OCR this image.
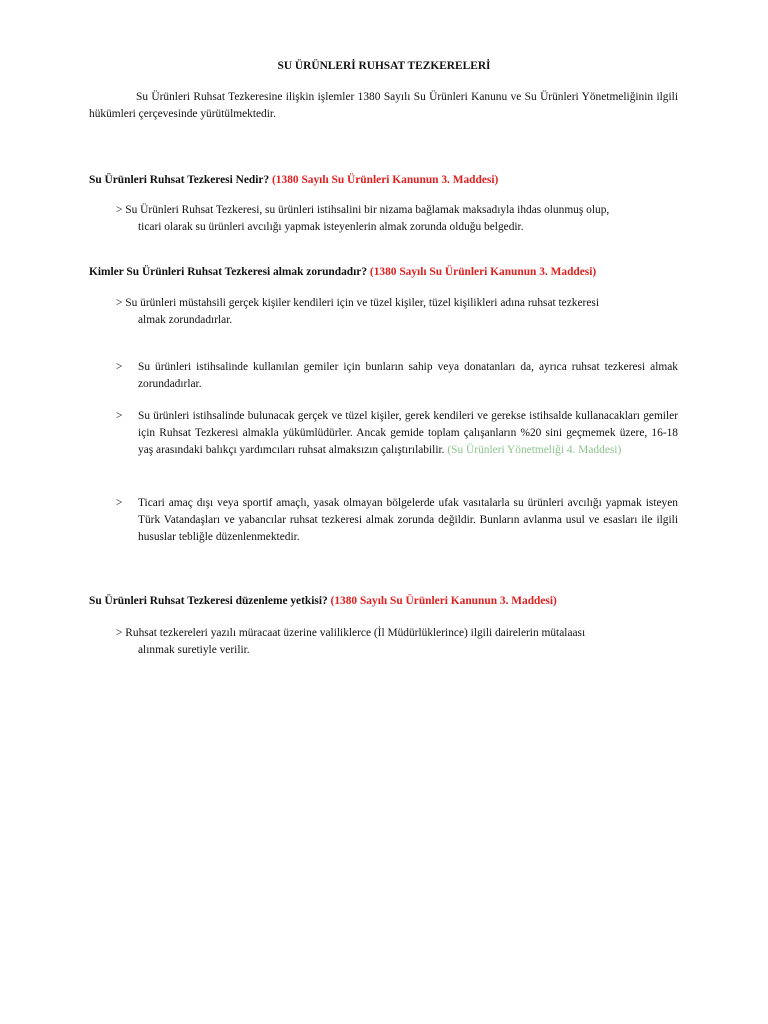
SU ÜRÜNLERİ RUHSAT TEZKERELERİ
Su Ürünleri Ruhsat Tezkeresine ilişkin işlemler 1380 Sayılı Su Ürünleri Kanunu ve Su Ürünleri Yönetmeliğinin ilgili hükümleri çerçevesinde yürütülmektedir.
Su Ürünleri Ruhsat Tezkeresi Nedir? (1380 Sayılı Su Ürünleri Kanunun 3. Maddesi)
> Su Ürünleri Ruhsat Tezkeresi, su ürünleri istihsalini bir nizama bağlamak maksadıyla ihdas olunmuş olup,
ticari olarak su ürünleri avcılığı yapmak isteyenlerin almak zorunda olduğu belgedir.
Kimler Su Ürünleri Ruhsat Tezkeresi almak zorundadır? (1380 Sayılı Su Ürünleri Kanunun 3. Maddesi)
> Su ürünleri müstahsili gerçek kişiler kendileri için ve tüzel kişiler, tüzel kişilikleri adına ruhsat tezkeresi
almak zorundadırlar.
> Su ürünleri istihsalinde kullanılan gemiler için bunların sahip veya donatanları da, ayrıca ruhsat tezkeresi almak zorundadırlar.
> Su ürünleri istihsalinde bulunacak gerçek ve tüzel kişiler, gerek kendileri ve gerekse istihsalde kullanacakları gemiler için Ruhsat Tezkeresi almakla yükümlüdürler. Ancak gemide toplam çalışanların %20 sini geçmemek üzere, 16-18 yaş arasındaki balıkçı yardımcıları ruhsat almaksızın çalıştırılabilir. (Su Ürünleri Yönetmeliği 4. Maddesi)
> Ticari amaç dışı veya sportif amaçlı, yasak olmayan bölgelerde ufak vasıtalarla su ürünleri avcılığı yapmak isteyen Türk Vatandaşları ve yabancılar ruhsat tezkeresi almak zorunda değildir. Bunların avlanma usul ve esasları ile ilgili hususlar tebliğle düzenlenmektedir.
Su Ürünleri Ruhsat Tezkeresi düzenleme yetkisi? (1380 Sayılı Su Ürünleri Kanunun 3. Maddesi)
> Ruhsat tezkereleri yazılı müracaat üzerine valiliklerce (İl Müdürlüklerince) ilgili dairelerin mütalaası
alınmak suretiyle verilir.
